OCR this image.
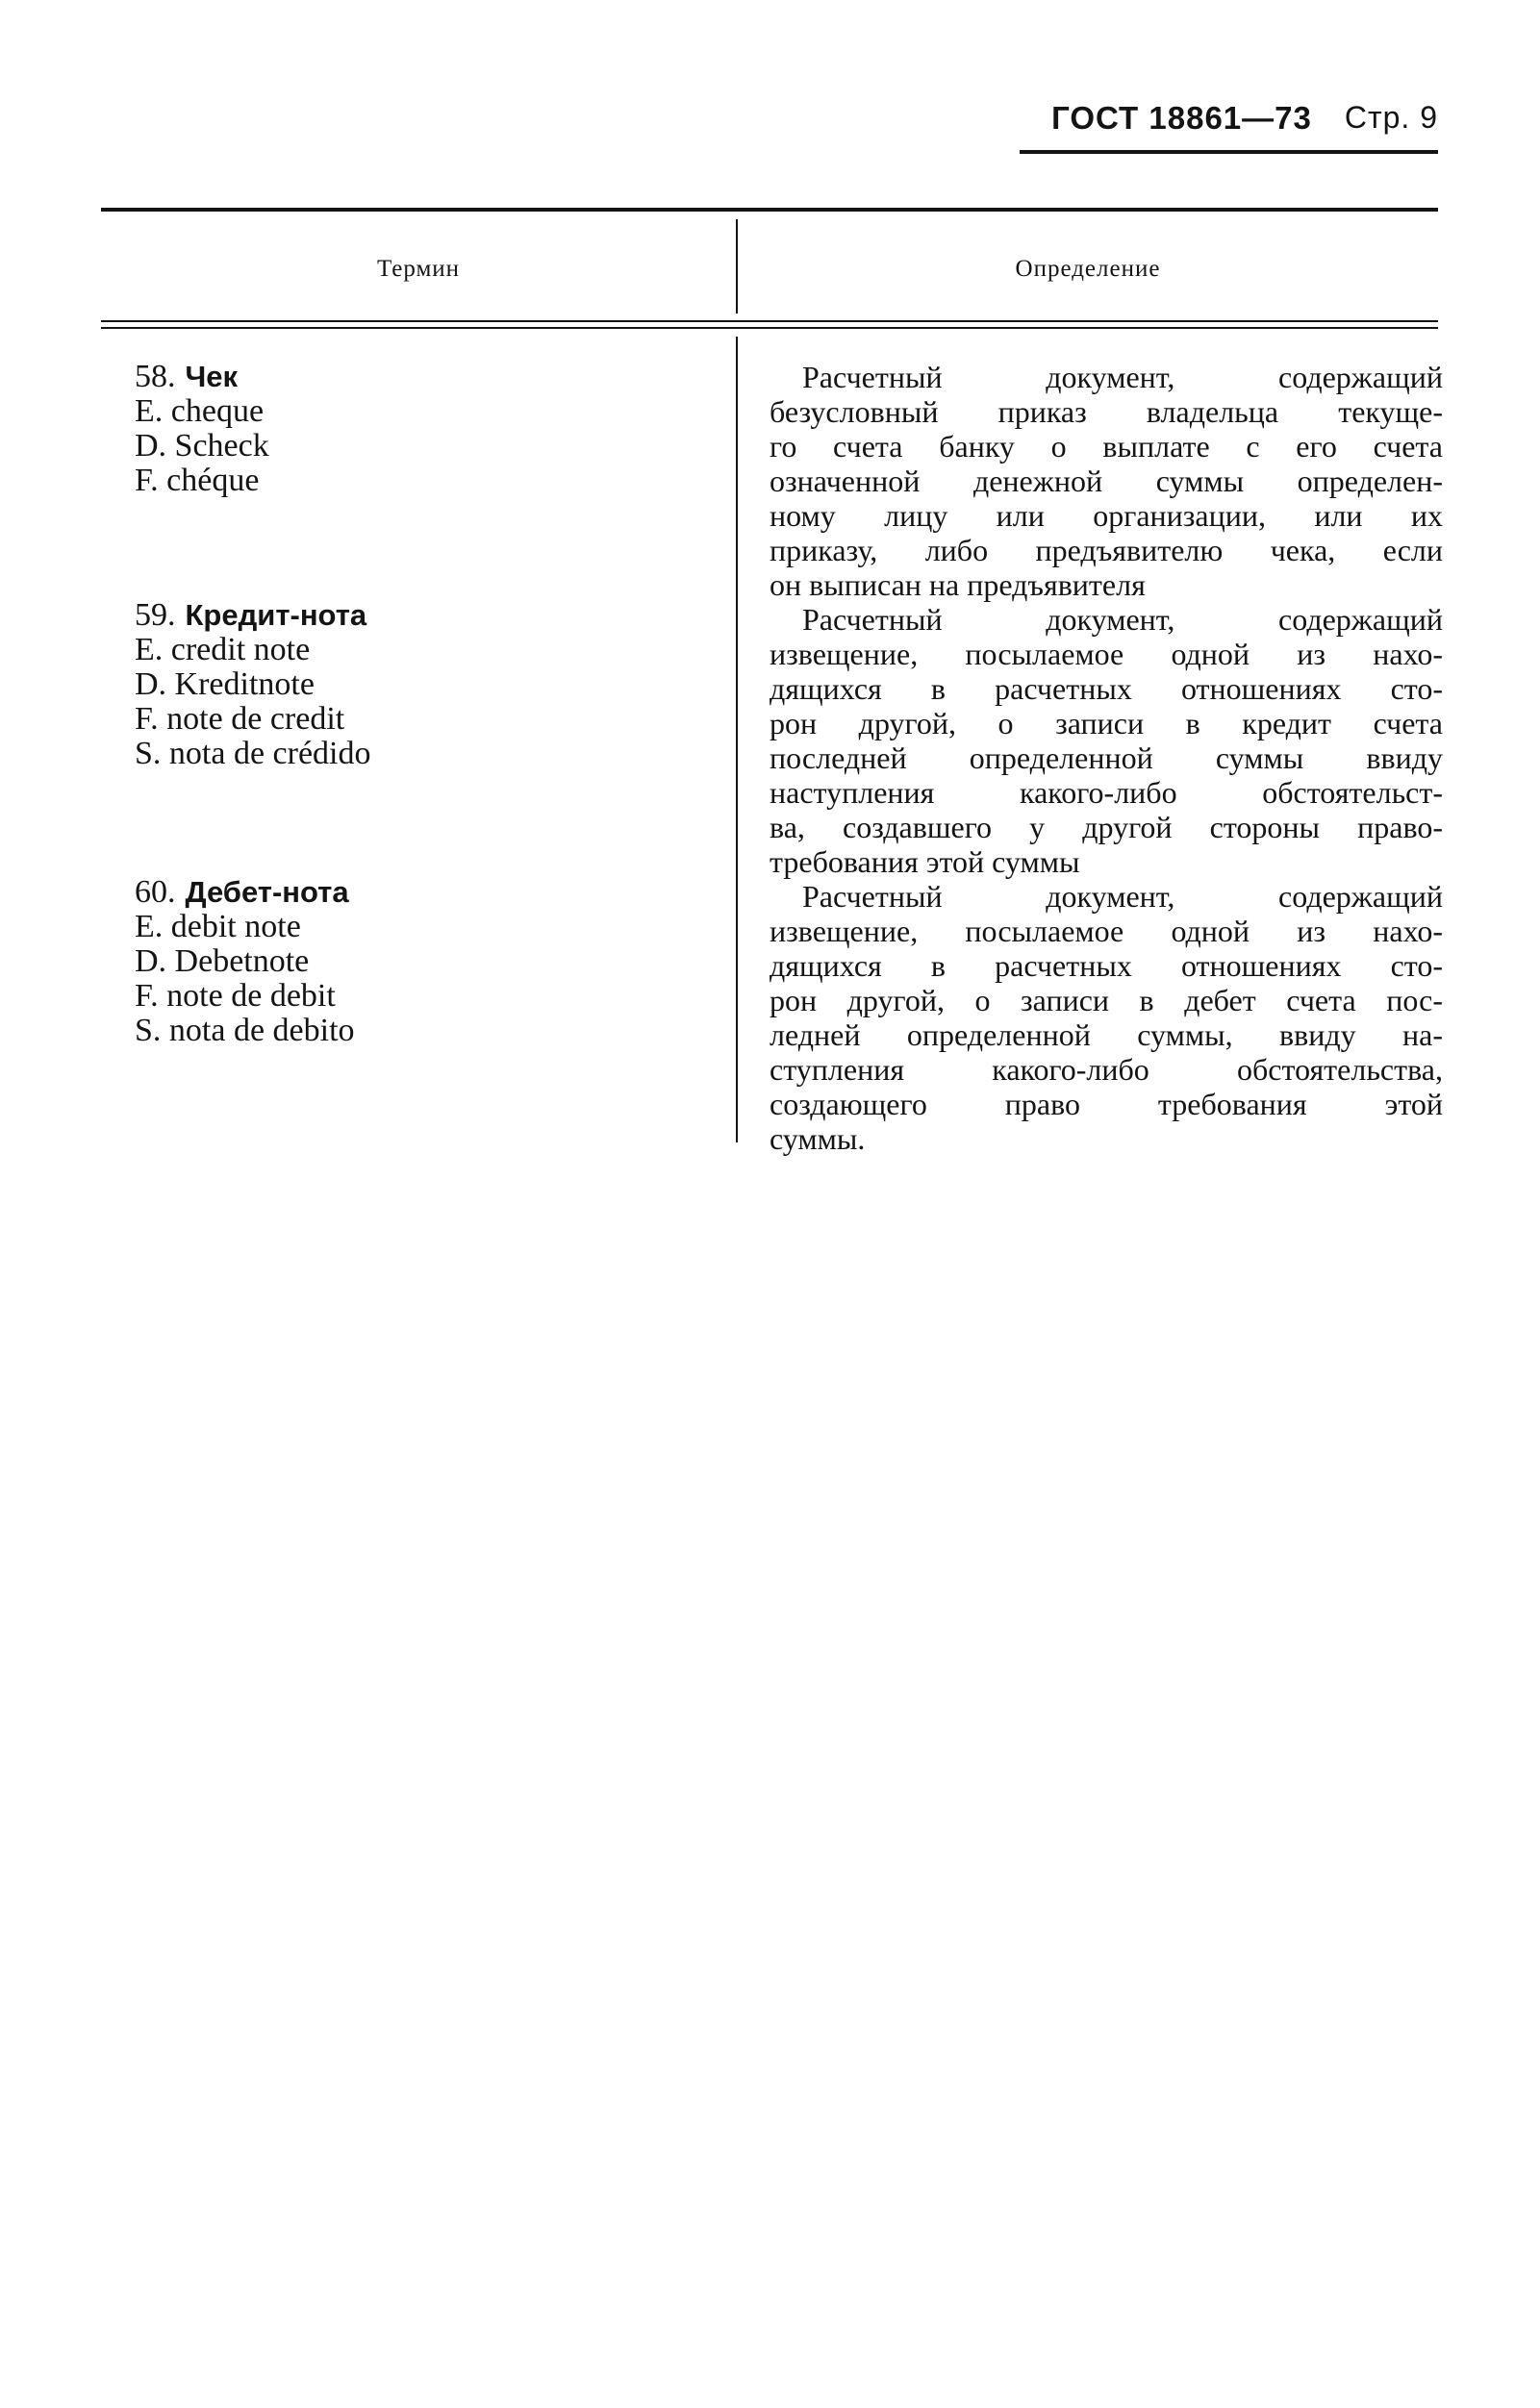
ГОСТ 18861—73 Стр. 9
Термин	Определение
58. Чек
E. cheque
D. Scheck
F. chéque
Расчетный документ, содержащий
безусловный приказ владельца текуще-
го счета банку о выплате с его счета
означенной денежной суммы определен-
ному лицу или организации, или их
приказу, либо предъявителю чека, если
он выписан на предъявителя
59. Кредит-нота
E. credit note
D. Kreditnote
F. note de credit
S. nota de crédido
Расчетный документ, содержащий
извещение, посылаемое одной из нахо-
дящихся в расчетных отношениях сто-
рон другой, о записи в кредит счета
последней определенной суммы ввиду
наступления какого-либо обстоятельст-
ва, создавшего у другой стороны право-
требования этой суммы
60. Дебет-нота
E. debit note
D. Debetnote
F. note de debit
S. nota de debito
Расчетный документ, содержащий
извещение, посылаемое одной из нахо-
дящихся в расчетных отношениях сто-
рон другой, о записи в дебет счета пос-
ледней определенной суммы, ввиду на-
ступления какого-либо обстоятельства,
создающего право требования этой
суммы.
